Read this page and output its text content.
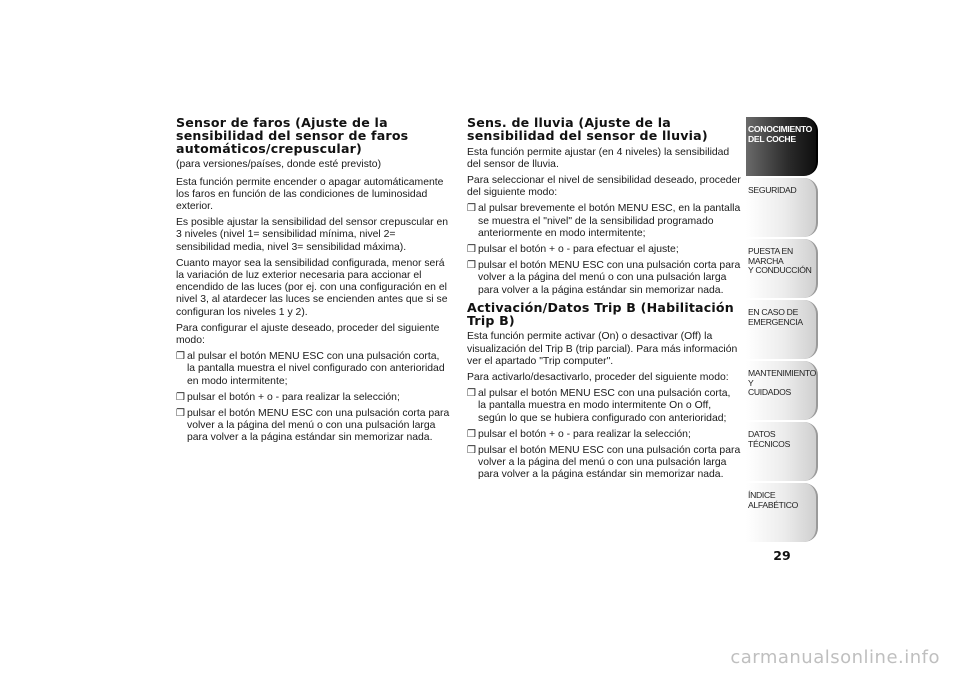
Sensor de faros (Ajuste de la sensibilidad del sensor de faros automáticos/crepuscular)

(para versiones/países, donde esté previsto)

Esta función permite encender o apagar automáticamente los faros en función de las condiciones de luminosidad exterior.

Es posible ajustar la sensibilidad del sensor crepuscular en 3 niveles (nivel 1= sensibilidad mínima, nivel 2= sensibilidad media, nivel 3= sensibilidad máxima).

Cuanto mayor sea la sensibilidad configurada, menor será la variación de luz exterior necesaria para accionar el encendido de las luces (por ej. con una configuración en el nivel 3, al atardecer las luces se encienden antes que si se configuran los niveles 1 y 2).

Para configurar el ajuste deseado, proceder del siguiente modo:

❒ al pulsar el botón MENU ESC con una pulsación corta, la pantalla muestra el nivel configurado con anterioridad en modo intermitente;
❒ pulsar el botón + o - para realizar la selección;
❒ pulsar el botón MENU ESC con una pulsación corta para volver a la página del menú o con una pulsación larga para volver a la página estándar sin memorizar nada.

Sens. de lluvia (Ajuste de la sensibilidad del sensor de lluvia)

Esta función permite ajustar (en 4 niveles) la sensibilidad del sensor de lluvia.

Para seleccionar el nivel de sensibilidad deseado, proceder del siguiente modo:

❒ al pulsar brevemente el botón MENU ESC, en la pantalla se muestra el "nivel" de la sensibilidad programado anteriormente en modo intermitente;
❒ pulsar el botón + o - para efectuar el ajuste;
❒ pulsar el botón MENU ESC con una pulsación corta para volver a la página del menú o con una pulsación larga para volver a la página estándar sin memorizar nada.

Activación/Datos Trip B (Habilitación Trip B)

Esta función permite activar (On) o desactivar (Off) la visualización del Trip B (trip parcial). Para más información ver el apartado "Trip computer".

Para activarlo/desactivarlo, proceder del siguiente modo:

❒ al pulsar el botón MENU ESC con una pulsación corta, la pantalla muestra en modo intermitente On o Off, según lo que se hubiera configurado con anterioridad;
❒ pulsar el botón + o - para realizar la selección;
❒ pulsar el botón MENU ESC con una pulsación corta para volver a la página del menú o con una pulsación larga para volver a la página estándar sin memorizar nada.
CONOCIMIENTO
DEL COCHE
SEGURIDAD
PUESTA EN MARCHA
Y CONDUCCIÓN
EN CASO DE
EMERGENCIA
MANTENIMIENTO Y
CUIDADOS
DATOS TÉCNICOS
ÍNDICE ALFABÉTICO
29
carmanualsonline.info
